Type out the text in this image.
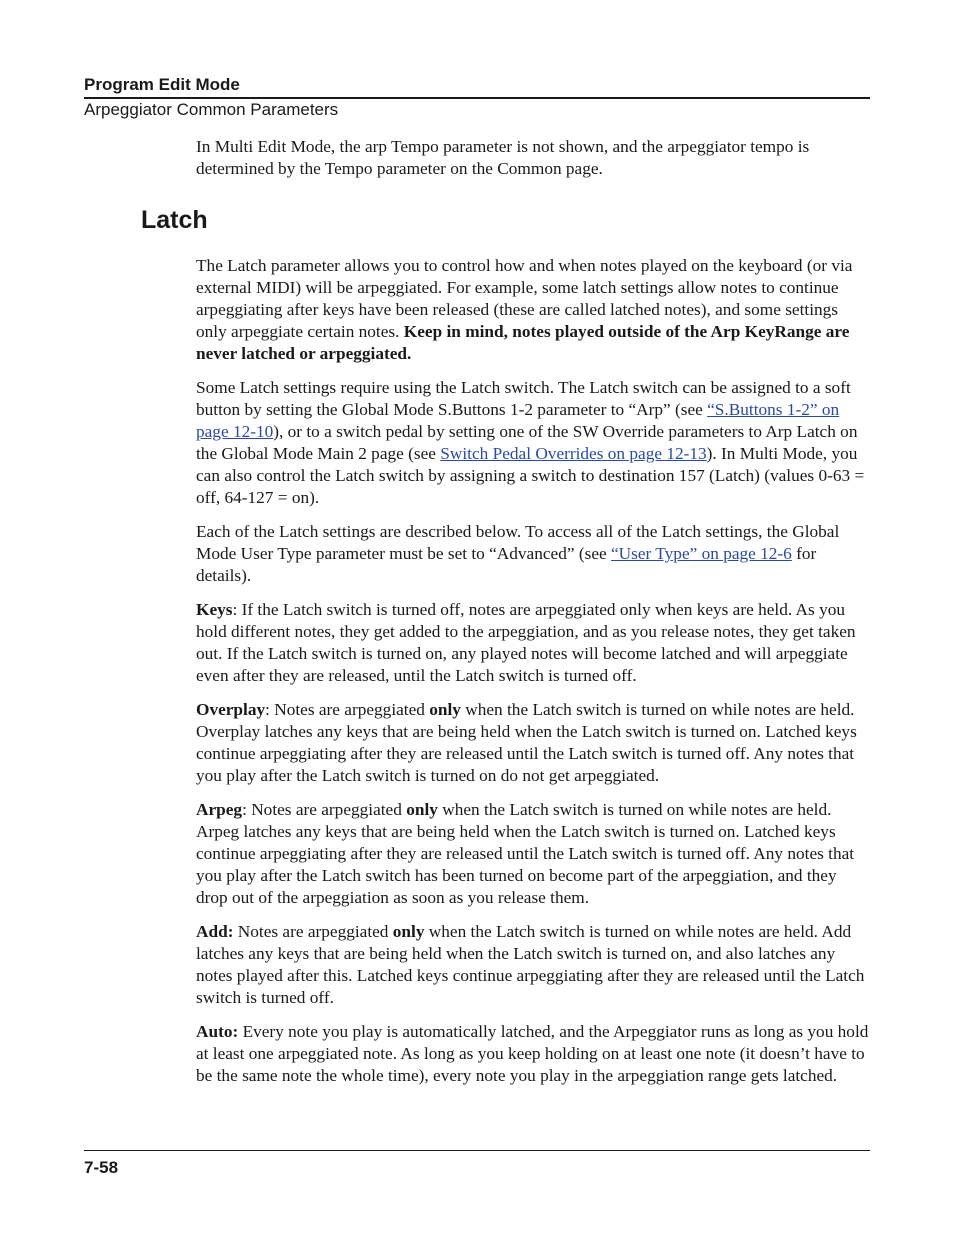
Program Edit Mode
Arpeggiator Common Parameters

In Multi Edit Mode, the arp Tempo parameter is not shown, and the arpeggiator tempo is determined by the Tempo parameter on the Common page.

Latch

The Latch parameter allows you to control how and when notes played on the keyboard (or via external MIDI) will be arpeggiated. For example, some latch settings allow notes to continue arpeggiating after keys have been released (these are called latched notes), and some settings only arpeggiate certain notes. Keep in mind, notes played outside of the Arp KeyRange are never latched or arpeggiated.

Some Latch settings require using the Latch switch. The Latch switch can be assigned to a soft button by setting the Global Mode S.Buttons 1-2 parameter to “Arp” (see “S.Buttons 1-2” on page 12-10), or to a switch pedal by setting one of the SW Override parameters to Arp Latch on the Global Mode Main 2 page (see Switch Pedal Overrides on page 12-13). In Multi Mode, you can also control the Latch switch by assigning a switch to destination 157 (Latch) (values 0-63 = off, 64-127 = on).

Each of the Latch settings are described below. To access all of the Latch settings, the Global Mode User Type parameter must be set to “Advanced” (see “User Type” on page 12-6 for details).

Keys: If the Latch switch is turned off, notes are arpeggiated only when keys are held. As you hold different notes, they get added to the arpeggiation, and as you release notes, they get taken out. If the Latch switch is turned on, any played notes will become latched and will arpeggiate even after they are released, until the Latch switch is turned off.

Overplay: Notes are arpeggiated only when the Latch switch is turned on while notes are held. Overplay latches any keys that are being held when the Latch switch is turned on. Latched keys continue arpeggiating after they are released until the Latch switch is turned off. Any notes that you play after the Latch switch is turned on do not get arpeggiated.

Arpeg: Notes are arpeggiated only when the Latch switch is turned on while notes are held. Arpeg latches any keys that are being held when the Latch switch is turned on. Latched keys continue arpeggiating after they are released until the Latch switch is turned off. Any notes that you play after the Latch switch has been turned on become part of the arpeggiation, and they drop out of the arpeggiation as soon as you release them.

Add: Notes are arpeggiated only when the Latch switch is turned on while notes are held. Add latches any keys that are being held when the Latch switch is turned on, and also latches any notes played after this. Latched keys continue arpeggiating after they are released until the Latch switch is turned off.

Auto: Every note you play is automatically latched, and the Arpeggiator runs as long as you hold at least one arpeggiated note. As long as you keep holding on at least one note (it doesn’t have to be the same note the whole time), every note you play in the arpeggiation range gets latched.

7-58
